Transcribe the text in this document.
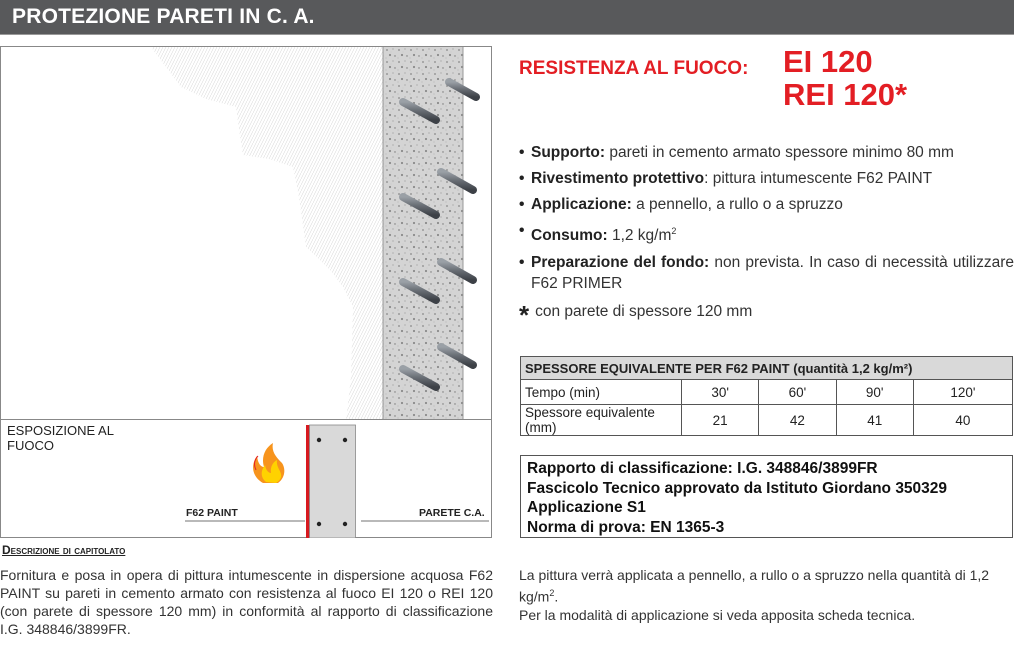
PROTEZIONE PARETI IN C. A.
ESPOSIZIONE AL FUOCO
F62 PAINT	PARETE C.A.
Descrizione di capitolato
Fornitura e posa in opera di pittura intumescente in dispersione acquosa F62 PAINT su pareti in cemento armato con resistenza al fuoco EI 120 o REI 120 (con parete di spessore 120 mm) in conformità al rapporto di classificazione I.G. 348846/3899FR.
RESISTENZA AL FUOCO: EI 120
REI 120*
• Supporto: pareti in cemento armato spessore minimo 80 mm
• Rivestimento protettivo: pittura intumescente F62 PAINT
• Applicazione: a pennello, a rullo o a spruzzo
• Consumo: 1,2 $kg/m^2$
• Preparazione del fondo: non prevista. In caso di necessità utilizzare F62 PRIMER
* con parete di spessore 120 mm
SPESSORE EQUIVALENTE PER F62 PAINT (quantità 1,2 kg/m²)				
Tempo (min)	30'	60'	90'	120'
Spessore equivalente (mm)	21	42	41	40
Rapporto di classificazione: I.G. 348846/3899FR
Fascicolo Tecnico approvato da Istituto Giordano 350329
Applicazione S1
Norma di prova: EN 1365-3
La pittura verrà applicata a pennello, a rullo o a spruzzo nella quantità di 1,2 $kg/m^2$.
Per la modalità di applicazione si veda apposita scheda tecnica.
